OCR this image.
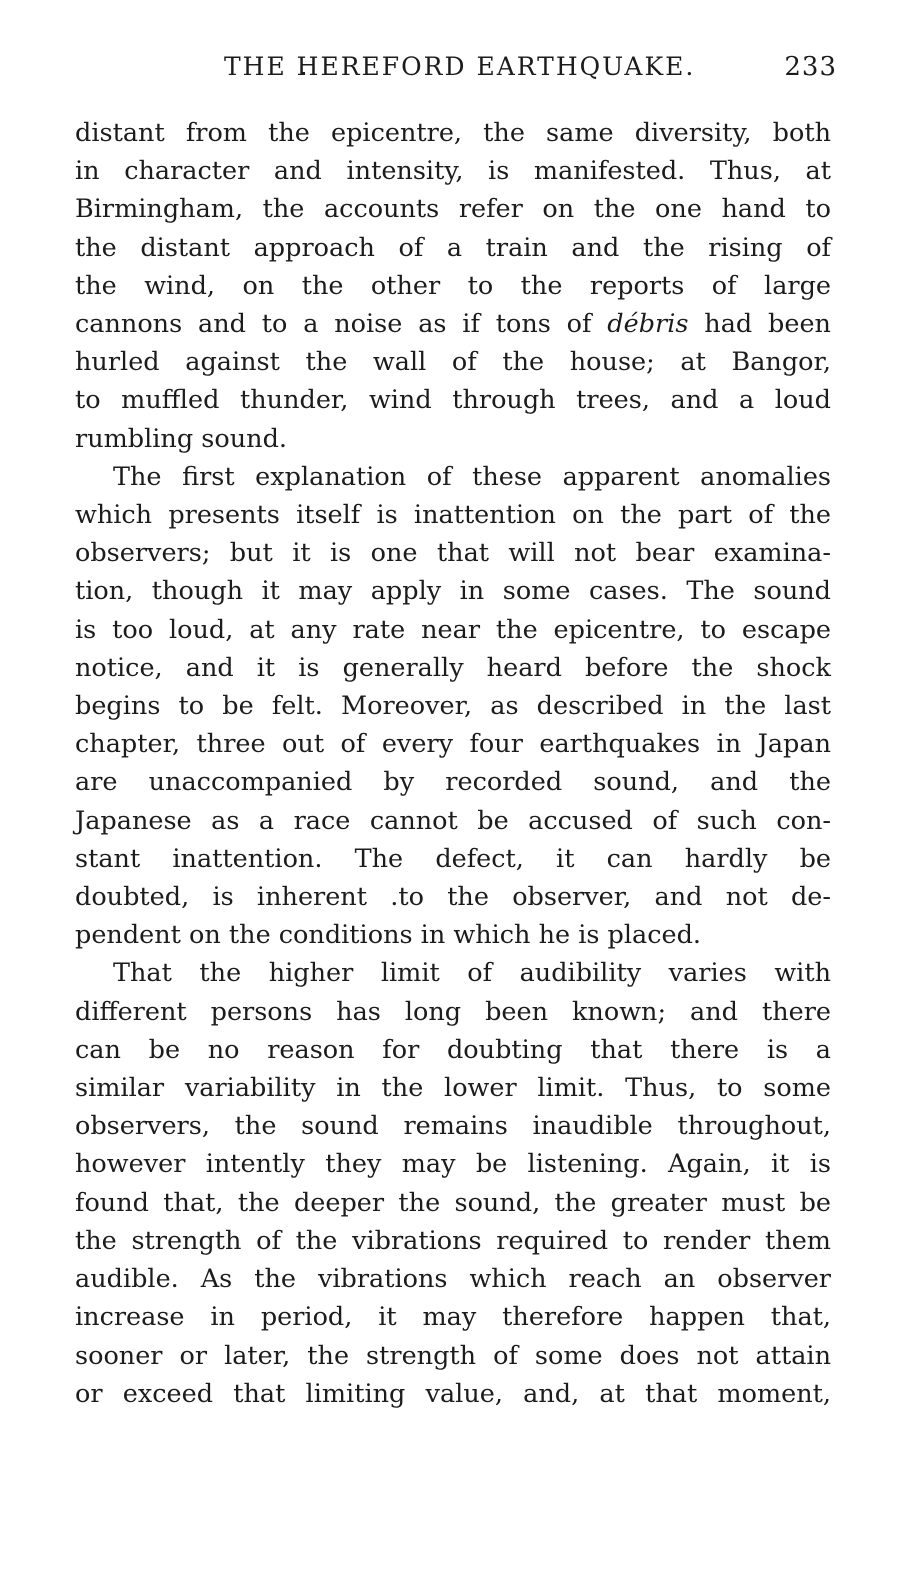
THE HEREFORD EARTHQUAKE.	233
distant from the epicentre, the same diversity, both
in character and intensity, is manifested. Thus, at
Birmingham, the accounts refer on the one hand to
the distant approach of a train and the rising of
the wind, on the other to the reports of large
cannons and to a noise as if tons of débris had been
hurled against the wall of the house; at Bangor,
to muffled thunder, wind through trees, and a loud
rumbling sound.
The first explanation of these apparent anomalies
which presents itself is inattention on the part of the
observers; but it is one that will not bear examina-
tion, though it may apply in some cases. The sound
is too loud, at any rate near the epicentre, to escape
notice, and it is generally heard before the shock
begins to be felt. Moreover, as described in the last
chapter, three out of every four earthquakes in Japan
are unaccompanied by recorded sound, and the
Japanese as a race cannot be accused of such con-
stant inattention. The defect, it can hardly be
doubted, is inherent .to the observer, and not de-
pendent on the conditions in which he is placed.
That the higher limit of audibility varies with
different persons has long been known; and there
can be no reason for doubting that there is a
similar variability in the lower limit. Thus, to some
observers, the sound remains inaudible throughout,
however intently they may be listening. Again, it is
found that, the deeper the sound, the greater must be
the strength of the vibrations required to render them
audible. As the vibrations which reach an observer
increase in period, it may therefore happen that,
sooner or later, the strength of some does not attain
or exceed that limiting value, and, at that moment,
